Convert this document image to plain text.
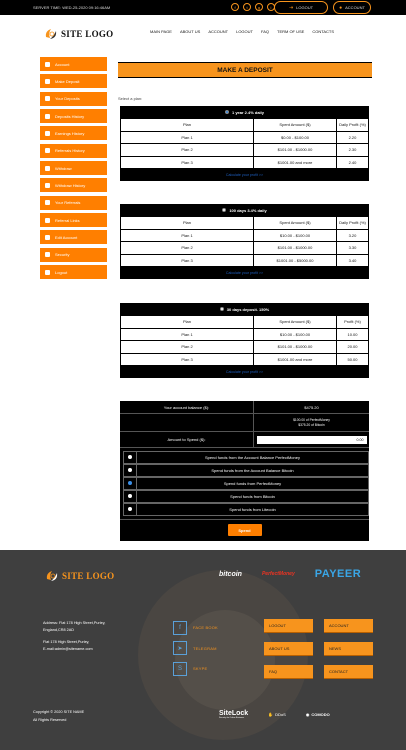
SERVER TIME: WED-25-2020 09:16:46AM	f	t	g	i	⇥ LOGOUT	● ACCOUNT
SITE LOGO	MAIN PAGE ABOUT US ACCOUNT LOGOUT FAQ TERM OF USE CONTACTS
Account
Make Deposit
Your Deposits
Deposits History
Earnings History
Referrals History
Withdraw
Withdraw History
Your Referrals
Referral Links
Edit Account
Security
Logout
MAKE A DEPOSIT
Select a plan:
1 year 2.4% daily
Plan	Spent Amount ($)	Daily Profit (%)
Plan 1	$0.00 - $100.00	2.20
Plan 2	$101.00 - $1000.00	2.30
Plan 3	$1001.00 and more	2.40
Calculate your profit >>
100 days 3.4% daily
Plan	Spent Amount ($)	Daily Profit (%)
Plan 1	$10.00 - $100.00	3.20
Plan 2	$101.00 - $1000.00	3.30
Plan 3	$1001.00 - $5000.00	3.40
Calculate your profit >>
30 days deposit. 150%
Plan	Spent Amount ($)	Profit (%)
Plan 1	$10.00 - $100.00	10.00
Plan 2	$101.00 - $1000.00	20.00
Plan 3	$1001.00 and more	50.00
Calculate your profit >>
Your account balance ($):	$475.20
$100.00 of PerfectMoney
$375.20 of Bitcoin
Amount to Spend ($):	0.00
Spend funds from the Account Balance PerfectMoney
Spend funds from the Account Balance Bitcoin
Spend funds from PerfectMoney
Spend funds from Bitcoin
Spend funds from Litecoin
Spend
SITE LOGO	bitcoin	PerfectMoney PAYEER
Address: Flat 178 High Street,Purley,
England,CR8 2AD
Flat 178 High Street,Purley,
E-mail:admin@sitename.com
f	FACE BOOK
➤	TELEGRAM
S	SKYPE
LOGOUT	ACCOUNT
ABOUT US	NEWS
FAQ	CONTACT
Copyright © 2020 SITE NAME
All Rights Reserved
SiteLock
Security for Online Business
✋ DDoS	◉ COMODO
